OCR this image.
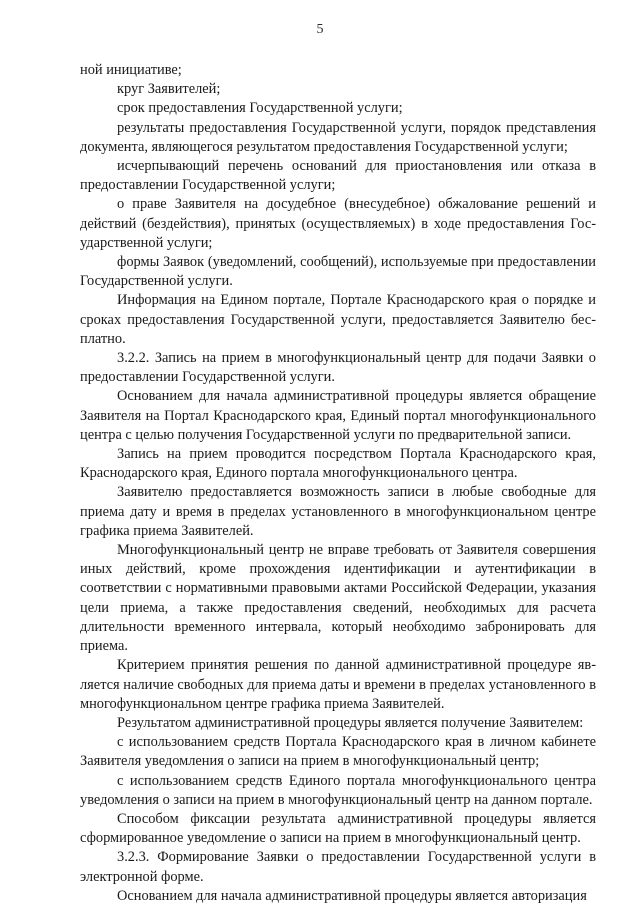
5

ной инициативе;

круг Заявителей;

срок предоставления Государственной услуги;

результаты предоставления Государственной услуги, порядок представления документа, являющегося результатом предоставления Государственной услуги;

исчерпывающий перечень оснований для приостановления или отказа в предоставлении Государственной услуги;

о праве Заявителя на досудебное (внесудебное) обжалование решений и действий (бездействия), принятых (осуществляемых) в ходе предоставления Государственной услуги;

формы Заявок (уведомлений, сообщений), используемые при предоставлении Государственной услуги.

Информация на Едином портале, Портале Краснодарского края о порядке и сроках предоставления Государственной услуги, предоставляется Заявителю бесплатно.

3.2.2. Запись на прием в многофункциональный центр для подачи Заявки о предоставлении Государственной услуги.

Основанием для начала административной процедуры является обращение Заявителя на Портал Краснодарского края, Единый портал многофункционального центра с целью получения Государственной услуги по предварительной записи.

Запись на прием проводится посредством Портала Краснодарского края, Краснодарского края, Единого портала многофункционального центра.

Заявителю предоставляется возможность записи в любые свободные для приема дату и время в пределах установленного в многофункциональном центре графика приема Заявителей.

Многофункциональный центр не вправе требовать от Заявителя совершения иных действий, кроме прохождения идентификации и аутентификации в соответствии с нормативными правовыми актами Российской Федерации, указания цели приема, а также предоставления сведений, необходимых для расчета длительности временного интервала, который необходимо забронировать для приема.

Критерием принятия решения по данной административной процедуре является наличие свободных для приема даты и времени в пределах установленного в многофункциональном центре графика приема Заявителей.

Результатом административной процедуры является получение Заявителем:

с использованием средств Портала Краснодарского края в личном кабинете Заявителя уведомления о записи на прием в многофункциональный центр;

с использованием средств Единого портала многофункционального центра уведомления о записи на прием в многофункциональный центр на данном портале.

Способом фиксации результата административной процедуры является сформированное уведомление о записи на прием в многофункциональный центр.

3.2.3. Формирование Заявки о предоставлении Государственной услуги в электронной форме.

Основанием для начала административной процедуры является авторизация
